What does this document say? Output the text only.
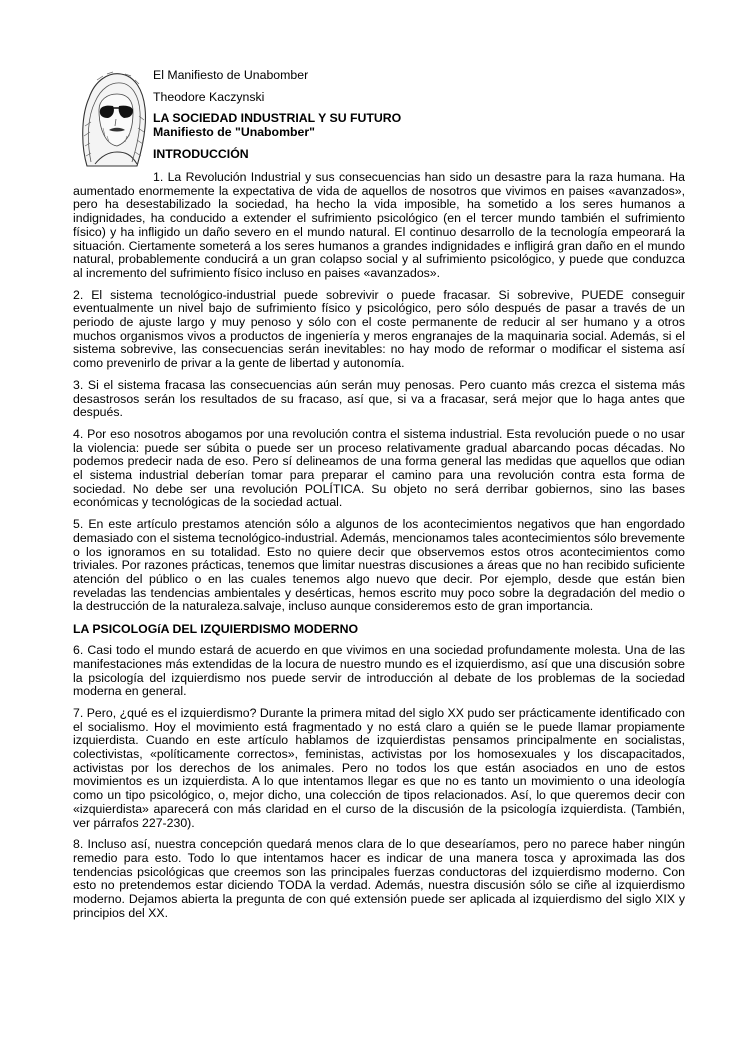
El Manifiesto de Unabomber
Theodore Kaczynski
LA SOCIEDAD INDUSTRIAL Y SU FUTURO
Manifiesto de "Unabomber"
INTRODUCCIÓN

1. La Revolución Industrial y sus consecuencias han sido un desastre para la raza humana. Ha aumentado enormemente la expectativa de vida de aquellos de nosotros que vivimos en paises «avanzados», pero ha desestabilizado la sociedad, ha hecho la vida imposible, ha sometido a los seres humanos a indignidades, ha conducido a extender el sufrimiento psicológico (en el tercer mundo también el sufrimiento físico) y ha infligido un daño severo en el mundo natural. El continuo desarrollo de la tecnología empeorará la situación. Ciertamente someterá a los seres humanos a grandes indignidades e infligirá gran daño en el mundo natural, probablemente conducirá a un gran colapso social y al sufrimiento psicológico, y puede que conduzca al incremento del sufrimiento físico incluso en paises «avanzados».

2. El sistema tecnológico-industrial puede sobrevivir o puede fracasar. Si sobrevive, PUEDE conseguir eventualmente un nivel bajo de sufrimiento físico y psicológico, pero sólo después de pasar a través de un periodo de ajuste largo y muy penoso y sólo con el coste permanente de reducir al ser humano y a otros muchos organismos vivos a productos de ingeniería y meros engranajes de la maquinaria social. Además, si el sistema sobrevive, las consecuencias serán inevitables: no hay modo de reformar o modificar el sistema así como prevenirlo de privar a la gente de libertad y autonomía.

3. Si el sistema fracasa las consecuencias aún serán muy penosas. Pero cuanto más crezca el sistema más desastrosos serán los resultados de su fracaso, así que, si va a fracasar, será mejor que lo haga antes que después.

4. Por eso nosotros abogamos por una revolución contra el sistema industrial. Esta revolución puede o no usar la violencia: puede ser súbita o puede ser un proceso relativamente gradual abarcando pocas décadas. No podemos predecir nada de eso. Pero sí delineamos de una forma general las medidas que aquellos que odian el sistema industrial deberían tomar para preparar el camino para una revolución contra esta forma de sociedad. No debe ser una revolución POLÍTICA. Su objeto no será derribar gobiernos, sino las bases económicas y tecnológicas de la sociedad actual.

5. En este artículo prestamos atención sólo a algunos de los acontecimientos negativos que han engordado demasiado con el sistema tecnológico-industrial. Además, mencionamos tales acontecimientos sólo brevemente o los ignoramos en su totalidad. Esto no quiere decir que observemos estos otros acontecimientos como triviales. Por razones prácticas, tenemos que limitar nuestras discusiones a áreas que no han recibido suficiente atención del público o en las cuales tenemos algo nuevo que decir. Por ejemplo, desde que están bien reveladas las tendencias ambientales y desérticas, hemos escrito muy poco sobre la degradación del medio o la destrucción de la naturaleza.salvaje, incluso aunque consideremos esto de gran importancia.

LA PSICOLOGíA DEL IZQUIERDISMO MODERNO

6. Casi todo el mundo estará de acuerdo en que vivimos en una sociedad profundamente molesta. Una de las manifestaciones más extendidas de la locura de nuestro mundo es el izquierdismo, así que una discusión sobre la psicología del izquierdismo nos puede servir de introducción al debate de los problemas de la sociedad moderna en general.

7. Pero, ¿qué es el izquierdismo? Durante la primera mitad del siglo XX pudo ser prácticamente identificado con el socialismo. Hoy el movimiento está fragmentado y no está claro a quién se le puede llamar propiamente izquierdista. Cuando en este artículo hablamos de izquierdistas pensamos principalmente en socialistas, colectivistas, «políticamente correctos», feministas, activistas por los homosexuales y los discapacitados, activistas por los derechos de los animales. Pero no todos los que están asociados en uno de estos movimientos es un izquierdista. A lo que intentamos llegar es que no es tanto un movimiento o una ideología como un tipo psicológico, o, mejor dicho, una colección de tipos relacionados. Así, lo que queremos decir con «izquierdista» aparecerá con más claridad en el curso de la discusión de la psicología izquierdista. (También, ver párrafos 227-230).

8. Incluso así, nuestra concepción quedará menos clara de lo que desearíamos, pero no parece haber ningún remedio para esto. Todo lo que intentamos hacer es indicar de una manera tosca y aproximada las dos tendencias psicológicas que creemos son las principales fuerzas conductoras del izquierdismo moderno. Con esto no pretendemos estar diciendo TODA la verdad. Además, nuestra discusión sólo se ciñe al izquierdismo moderno. Dejamos abierta la pregunta de con qué extensión puede ser aplicada al izquierdismo del siglo XIX y principios del XX.
